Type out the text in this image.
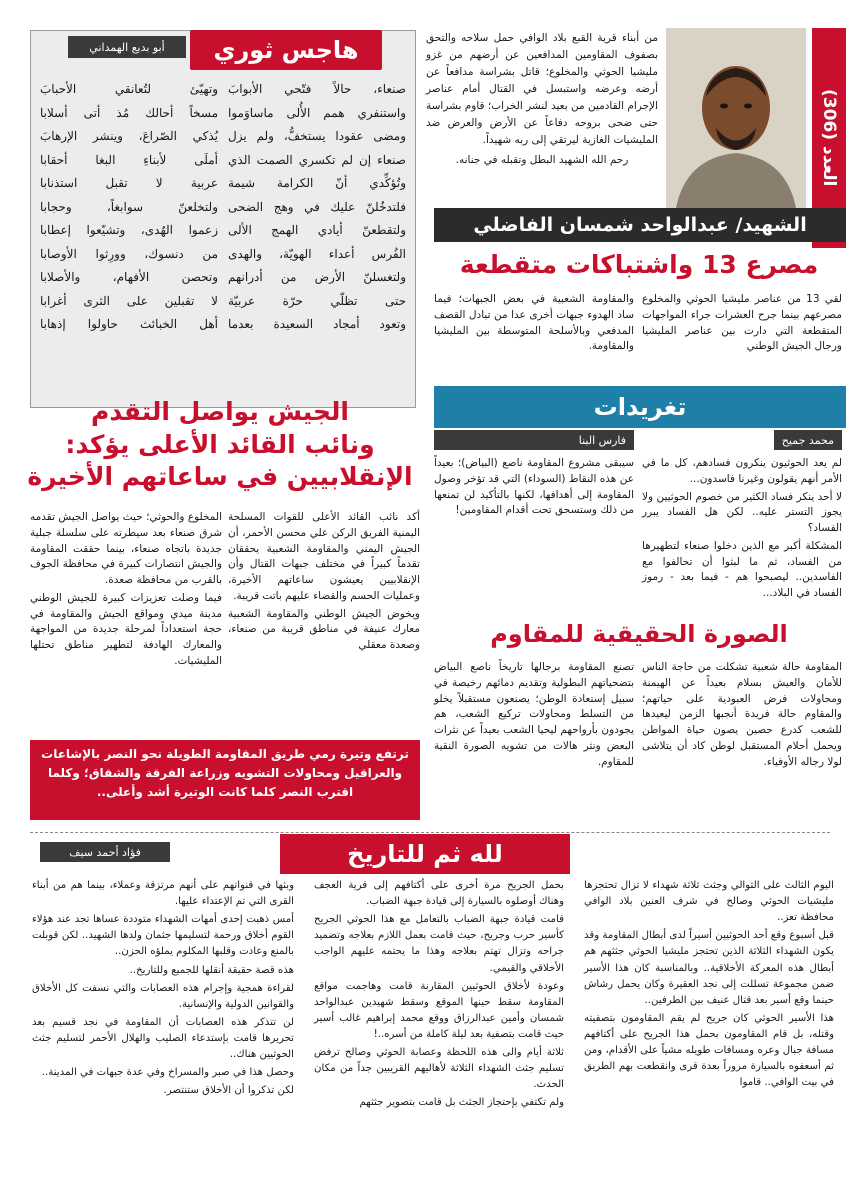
العدد (306)

من أبناء قرية القبع بلاد الوافي حمل سلاحه والتحق بصفوف المقاومين المدافعين عن أرضهم من غزو مليشيا الحوثي والمخلوع؛ قاتل بشراسة مدافعاً عن أرضه وعرضه واستبسل في القتال أمام عناصر الإجرام القادمين من بعيد لنشر الخراب؛ قاوم بشراسة حتى ضحى بروحه دفاعاً عن الأرض والعرض ضد المليشيات الغازية ليرتقي إلى ربه شهيداً.

رحم الله الشهيد البطل وتقبله في جنانه.

الشهيد/ عبدالواحد شمسان الفاضلي
هاجس ثوري
أبو بديع الهمداني
صنعاء، حالاً فتّحي الأبوابَ
واستنفري همم الأُلى ماساوَموا
ومضى عقودا يستخفُّ، ولم يزل
صنعاء إن لم تكسري الصمت الذي
وتُؤكِّدي أنّ الكرامة شيمة
فلتدخُلنّ عليك في وهج الضحى
ولتقطعنّ أيادي الهمج الألى
الفُرس أعداء الهويّة، والهدى
ولتغسلنّ الأرض من أدرانهم
حتى تظلّي حرّة عربيّة
وتعود أمجاد السعيدة بعدما
وتهيّئ لتُعانقي الأحبابَ
مسخاً أحالك مُذ أتى أسلابا
يُذكي الصّراعَ، وينشر الإرهابَ
أملَى لأبناءِ البغا أحقابا
عربية لا تقبل استذنابا
ولتخلعنّ سوابغاً، وحجابا
زعموا الهُدى، وتشيّعوا إعطابا
من دنسوك، وورِثوا الأوصابا
وتحصن الأفهام، والأصلابا
لا تقبلين على الثرى أغرابا
أهل الخبائث حاولوا إذهابا
مصرع 13 واشتباكات متقطعة
لقي 13 من عناصر مليشيا الحوثي والمخلوع مصرعهم بينما جرح العشرات جراء المواجهات المتقطعة التي دارت بين عناصر المليشيا ورجال الجيش الوطني
والمقاومة الشعبية في بعض الجبهات؛ فيما ساد الهدوء جبهات أخرى عدا من تبادل القصف المدفعي وبالأسلحة المتوسطة بين المليشيا والمقاومة.
تغريدات
محمد جميح
فارس البنا

لم يعد الحوثيون ينكرون فسادهم، كل ما في الأمر أنهم يقولون وغيرنا فاسدون...

لا أحد ينكر فساد الكثير من خصوم الحوثيين ولا يجوز التستر عليه.. لكن هل الفساد يبرر الفساد؟

المشكلة أكبر مع الذين دخلوا صنعاء لتطهيرها من الفساد، ثم ما لبثوا أن تحالفوا مع الفاسدين.. ليصبحوا هم - فيما بعد - رموز الفساد في البلاد...

سيبقى مشروع المقاومة ناصع (البياض)؛ بعيداً عن هذه النقاط (السوداء) التي قد تؤخر وصول المقاومة إلى أهدافها، لكنها بالتأكيد لن تمنعها من ذلك وستسحق تحت أقدام المقاومين!
الجيش يواصل التقدم
ونائب القائد الأعلى يؤكد:
الإنقلابيين في ساعاتهم الأخيرة

أكد نائب القائد الأعلى للقوات المسلحة اليمنية الفريق الركن علي محسن الأحمر، أن الجيش اليمني والمقاومة الشعبية يحققان تقدماً كبيراً في مختلف جبهات القتال وأن الإنقلابيين يعيشون ساعاتهم الأخيرة، وعمليات الحسم والقضاء عليهم باتت قريبة.

ويخوض الجيش الوطني والمقاومة الشعبية معارك عنيفة في مناطق قريبة من صنعاء، وصعدة معقلي

المخلوع والحوثي؛ حيث يواصل الجيش تقدمه شرق صنعاء بعد سيطرته على سلسلة جبلية جديدة باتجاه صنعاء، بينما حققت المقاومة والجيش انتصارات كبيرة في محافظة الجوف بالقرب من محافظة صعدة.

فيما وصلت تعزيزات كبيرة للجيش الوطني مدينة ميدي ومواقع الجيش والمقاومة في حجة استعداداً لمرحلة جديدة من المواجهة والمعارك الهادفة لتطهير مناطق تحتلها المليشيات.

ترتفع وتيرة رمي طريق المقاومة الطويلة نحو النصر بالإشاعات والعراقيل ومحاولات التشويه وزراعة الفرقة والشقاق؛ وكلما اقترب النصر كلما كانت الوتيرة أشد وأعلى..
الصورة الحقيقية للمقاوم
المقاومة حالة شعبية تشكلت من حاجة الناس للأمان والعيش بسلام بعيداً عن الهيمنة ومحاولات فرض العبودية على حياتهم؛ والمقاوم حالة فريدة أنجبها الزمن ليعيدها للشعب كدرع حصين يصون حياة المواطن ويحمل أحلام المستقبل لوطن كاد أن يتلاشى لولا رجاله الأوفياء.
تصنع المقاومة برجالها تاريخاً ناصع البياض بتضحياتهم البطولية وتقديم دمائهم رخيصة في سبيل إستعادة الوطن؛ يصنعون مستقبلاً يخلو من التسلط ومحاولات تركيع الشعب، هم يجودون بأرواحهم ليحيا الشعب بعيداً عن نثرات البعض ونثر هالات من تشويه الصورة النقية للمقاوم.
لله ثم للتاريخ
فؤاد أحمد سيف

اليوم الثالث على التوالي وجثث ثلاثة شهداء لا تزال تحتجزها مليشيات الحوثي وصالح في شرف العنين بلاد الوافي محافظة تعز..

قبل أسبوع وقع أحد الحوثيين أسيراً لدى أبطال المقاومة وقد يكون الشهداء الثلاثة الذين تحتجز مليشيا الحوثي جثثهم هم أبطال هذه المعركة الأخلاقية.. وبالمناسبة كان هذا الأسير ضمن مجموعة تسللت إلى نجد العقيرة وكان يحمل رشاش حينما وقع أسير بعد قتال عنيف بين الطرفين..

هذا الأسير الحوثي كان جريح لم يقم المقاومون بتصفيته وقتله، بل قام المقاومون بحمل هذا الجريح على أكتافهم مسافة جبال وعره ومسافات طويله مشياً على الأقدام، ومن ثم أسعفوه بالسيارة مروراً بعدة قرى وانقطعت بهم الطريق في بيت الوافي.. قاموا

بحمل الجريح مرة أخرى على أكتافهم إلى قرية العجف وهناك أوصلوه بالسيارة إلى قيادة جبهة الضباب.

قامت قيادة جبهة الضباب بالتعامل مع هذا الحوثي الجريح كأسير حرب وجريح، حيث قامت بعمل اللازم بعلاجه وتضميد جراحه وتزال تهتم بعلاجه وهذا ما يحتمه عليهم الواجب الأخلاقي والقيمي.

وعودة لأخلاق الحوثيين المقارنة قامت وهاجمت مواقع المقاومة سقط حينها الموقع وسقط شهيدين عبدالواحد شمسان وأمين عبدالرزاق ووقع محمد إبراهيم غالب أسير حيث قامت بتصفية بعد ليلة كاملة من أسره..!

ثلاثة أيام والى هذه اللحظة وعصابة الحوثي وصالح ترفض تسليم جثث الشهداء الثلاثة لأهاليهم القريبين جداً من مكان الحدث.

ولم تكتفي بإحتجاز الجثث بل قامت بتصوير جثثهم

وبثها في قنواتهم على أنهم مرتزقة وعملاء، بينما هم من أبناء القرى التي تم الإعتداء عليها.

أمس ذهبت إحدى أمهات الشهداء متوددة عساها تجد عند هؤلاء القوم أخلاق ورحمة لتسليمها جثمان ولدها الشهيد.. لكن قوبلت بالمنع وعادت وقلبها المكلوم يملؤه الحزن..

هذه قصة حقيقة أنقلها للجميع وللتاريخ..

لقراءة همجية وإجرام هذه العصابات والتي نسفت كل الأخلاق والقوانين الدولية والإنسانية.

لن تتذكر هذه العصابات أن المقاومة في نجد قسيم بعد تحريرها قامت بإستدعاء الصليب والهلال الأحمر لتسليم جثث الحوثيين هناك..

وحصل هذا في صبر والمسراخ وفي عدة جبهات في المدينة..

لكن تذكروا أن الأخلاق ستنتصر.
